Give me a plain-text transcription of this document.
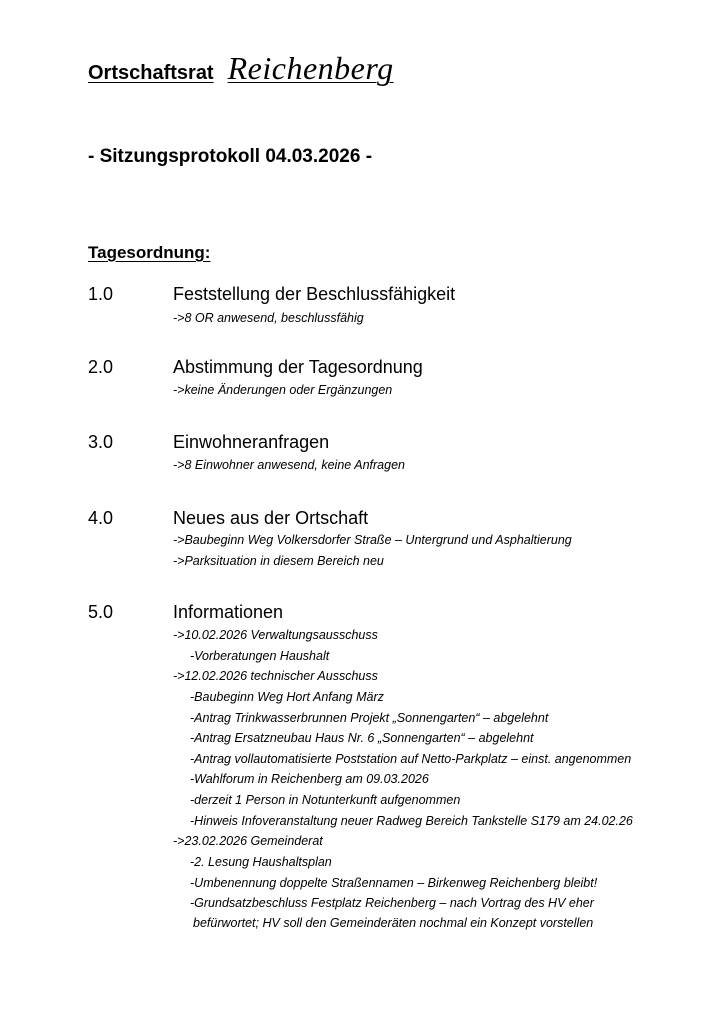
Ortschaftsrat Reichenberg
- Sitzungsprotokoll 04.03.2026 -
Tagesordnung:
1.0	Feststellung der Beschlussfähigkeit
->8 OR anwesend, beschlussfähig
2.0	Abstimmung der Tagesordnung
->keine Änderungen oder Ergänzungen
3.0	Einwohneranfragen
->8 Einwohner anwesend, keine Anfragen
4.0	Neues aus der Ortschaft
->Baubeginn Weg Volkersdorfer Straße – Untergrund und Asphaltierung
->Parksituation in diesem Bereich neu
5.0	Informationen
->10.02.2026 Verwaltungsausschuss
-Vorberatungen Haushalt
->12.02.2026 technischer Ausschuss
-Baubeginn Weg Hort Anfang März
-Antrag Trinkwasserbrunnen Projekt „Sonnengarten“ – abgelehnt
-Antrag Ersatzneubau Haus Nr. 6 „Sonnengarten“ – abgelehnt
-Antrag vollautomatisierte Poststation auf Netto-Parkplatz – einst. angenommen
-Wahlforum in Reichenberg am 09.03.2026
-derzeit 1 Person in Notunterkunft aufgenommen
-Hinweis Infoveranstaltung neuer Radweg Bereich Tankstelle S179 am 24.02.26
->23.02.2026 Gemeinderat
-2. Lesung Haushaltsplan
-Umbenennung doppelte Straßennamen – Birkenweg Reichenberg bleibt!
-Grundsatzbeschluss Festplatz Reichenberg – nach Vortrag des HV eher
befürwortet; HV soll den Gemeinderäten nochmal ein Konzept vorstellen
